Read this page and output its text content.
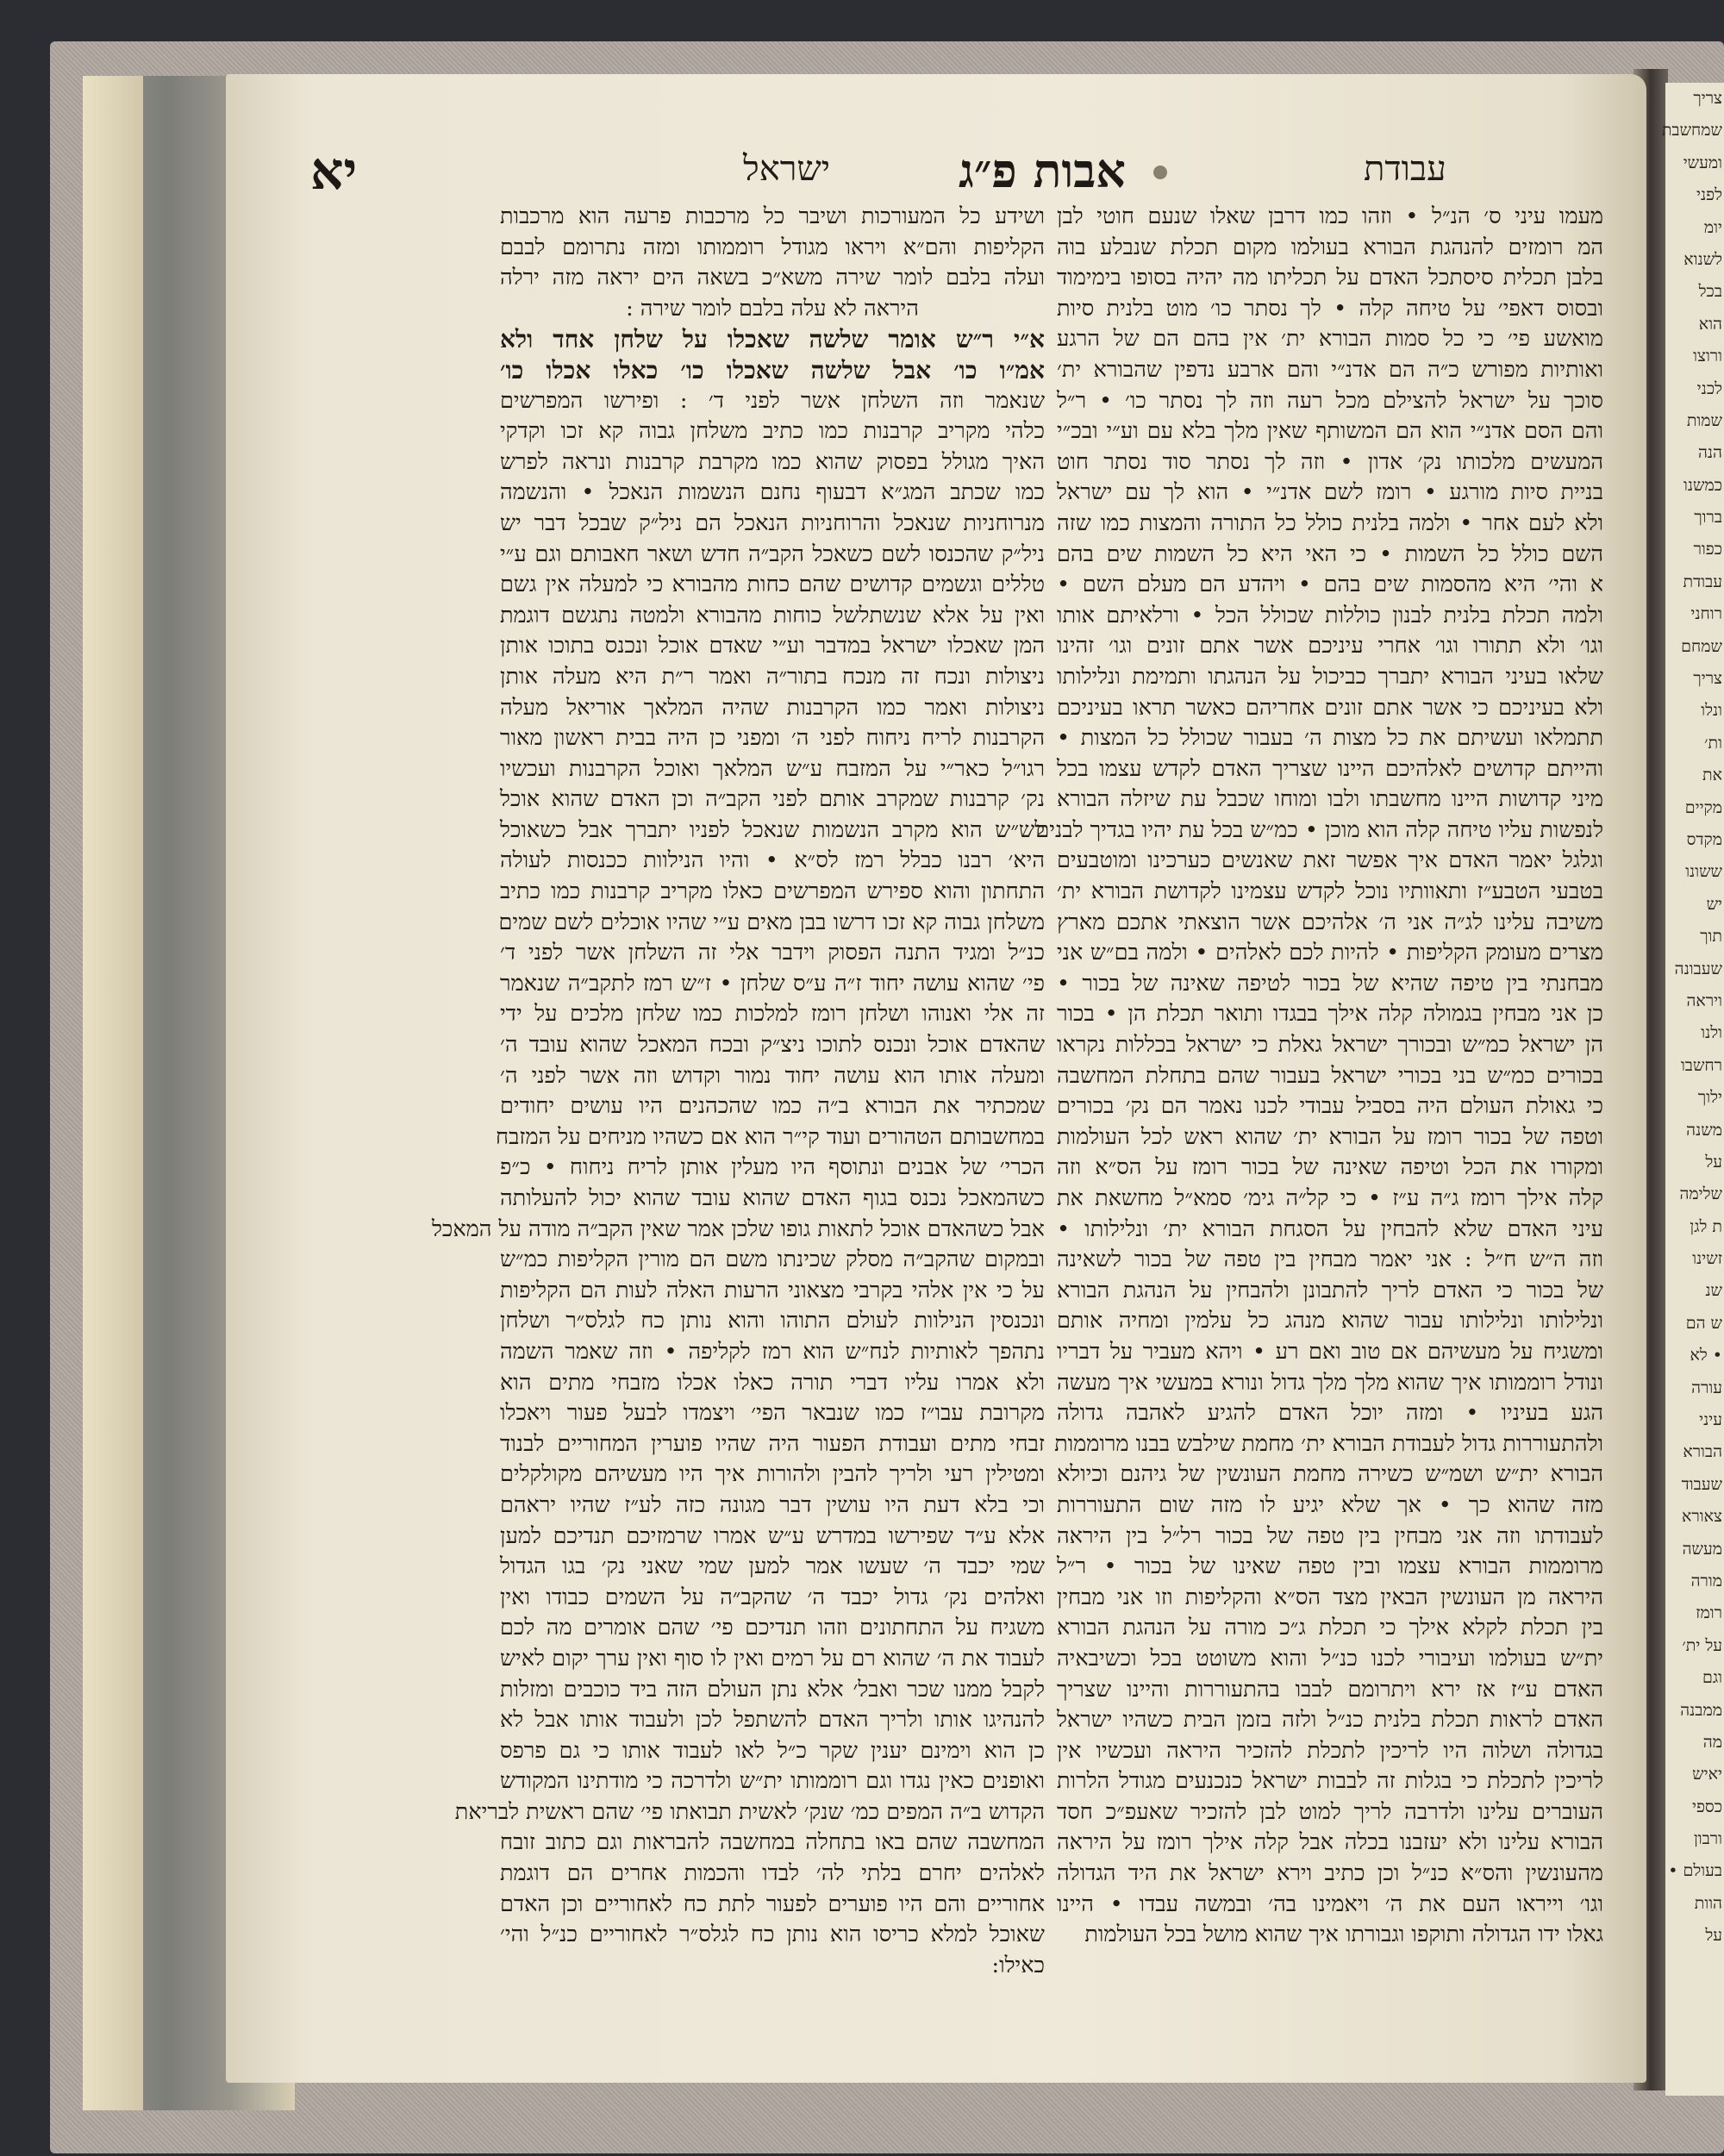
צריך
שמחשבת
ומעשי
לפני
יומ
לשנוא
בכל
הוא
ורוצו
לכני
שמות
הנה
כמשנו
ברוך
כפור
עבודת
רוחני
שמחם
צריך
ונלו
ות׳
את
מקיים
מקדס
ששונו
יש
תוך
שעבונה
ויראה
ולנו
רחשבו
ילוך
משנה
על
שלימה
ת לגן
זשינו
שנ
ש הם
• לא
עורה
עיני
הבורא
שעבוד
צאורא
מעשה
מורה
רומז
על ית׳
וגם
ממבנה
מה
יאיש
כספי
ורבון
בעולם •
הוות
על
יא	ישראל	אבות פ״ג	עבודת
מעמו עיני ס׳ הנ״ל • וזהו כמו דרבן שאלו שנעם חוטי לבן
המ רומזים להנהגת הבורא בעולמו מקום תכלת שנבלע בוה
בלבן תכלית סיסתכל האדם על תכליתו מה יהיה בסופו בימימוד
ובסוס דאפי׳ על טיחה קלה • לך נסתר כו׳ מוט בלנית סיות
מואשע פי׳ כי כל סמות הבורא ית׳ אין בהם הם של הרגע
ואותיות מפורש כ״ה הם אדנ״י והם ארבע נדפין שהבורא ית׳
סוכך על ישראל להצילם מכל רעה וזה לך נסתר כו׳ • ר״ל
והם הסם אדנ״י הוא הם המשותף שאין מלך בלא עם וע״י ובכ״י
המעשים מלכותו נק׳ אדון • וזה לך נסתר סוד נסתר חוט
בניית סיות מורגע • רומז לשם אדנ״י • הוא לך עם ישראל
ולא לעם אחר • ולמה בלנית כולל כל התורה והמצות כמו שזה
השם כולל כל השמות • כי האי היא כל השמות שים בהם
א והי׳ היא מהסמות שים בהם • ויהדע הם מעלם השם •
ולמה תכלת בלנית לבנון כוללות שכולל הכל • ורלאיתם אותו
וגו׳ ולא תתורו וגו׳ אחרי עיניכם אשר אתם זונים וגו׳ זהינו
שלאו בעיני הבורא יתברך כביכול על הנהגתו ותמימת ונלילותו
ולא בעיניכם כי אשר אתם זונים אחריהם כאשר תראו בעיניכם
תתמלאו ועשיתם את כל מצות ה׳ בעבור שכולל כל המצות •
והייתם קדושים לאלהיכם היינו שצריך האדם לקדש עצמו בכל
מיני קדושות היינו מחשבתו ולבו ומוחו שכבל עת שיזלה הבורא
לנפשות עליו טיחה קלה הוא מוכן • כמ״ש בכל עת יהיו בגדיך לבנים
וגלגל יאמר האדם איך אפשר זאת שאנשים כערכינו ומוטבעים
בטבעי הטבע״ז ותאוותיו נוכל לקדש עצמינו לקדושת הבורא ית׳
משיבה עלינו לג״ה אני ה׳ אלהיכם אשר הוצאתי אתכם מארץ
מצרים מעומק הקליפות • להיות לכם לאלהים • ולמה בם״ש אני
מבחנתי בין טיפה שהיא של בכור לטיפה שאינה של בכור •
כן אני מבחין בגמולה קלה אילך בבגדו ותואר תכלת הן • בכור
הן ישראל כמ״ש ובכורך ישראל גאלת כי ישראל בכללות נקראו
בכורים כמ״ש בני בכורי ישראל בעבור שהם בתחלת המחשבה
כי גאולת העולם היה בסביל עבודי לכנו נאמר הם נק׳ בכורים
וטפה של בכור רומז על הבורא ית׳ שהוא ראש לכל העולמות
ומקורו את הכל וטיפה שאינה של בכור רומז על הס״א וזה
קלה אילך רומז ג״ה ע״ז • כי קל״ה גימ׳ סמא״ל מחשאת את
עיני האדם שלא להבחין על הסגחת הבורא ית׳ ונלילותו •
וזה ה״ש ח״ל : אני יאמר מבחין בין טפה של בכור לשאינה
של בכור כי האדם לריך להתבונן ולהבחין על הנהגת הבורא
ונלילותו ונלילותו עבור שהוא מנהג כל עלמין ומחיה אותם
ומשגיח על מעשיהם אם טוב ואם רע • ויהא מעביר על דבריו
ונודל רוממותו איך שהוא מלך מלך גדול ונורא במעשי איך מעשה
הגע בעיניו • ומזה יוכל האדם להגיע לאהבה גדולה
ולהתעוררות גדול לעבודת הבורא ית׳ מחמת שילבש בבנו מרוממות
הבורא ית״ש ושמ״ש כשירה מחמת העונשין של גיהנם וכיולא
מזה שהוא כך • אך שלא יגיע לו מזה שום התעוררות
לעבודתו וזה אני מבחין בין טפה של בכור רל״ל בין היראה
מרוממות הבורא עצמו ובין טפה שאינו של בכור • ר״ל
היראה מן העונשין הבאין מצד הס״א והקליפות וזו אני מבחין
בין תכלת לקלא אילך כי תכלת ג״כ מורה על הנהגת הבורא
ית״ש בעולמו ועיבורי לכנו כנ״ל והוא משוטט בכל וכשיבאיה
האדם ע״ז אז ירא ויתרומם לבבו בהתעוררות והיינו שצריך
האדם לראות תכלת בלנית כנ״ל ולזה בזמן הבית כשהיו ישראל
בגדולה ושלוה היו לריכין לתכלת להזכיר היראה ועכשיו אין
לריכין לתכלת כי בגלות זה לבבות ישראל כנכנעים מגודל הלרות
העוברים עלינו ולדרבה לריך למוט לבן להזכיר שאעפ״כ חסד
הבורא עלינו ולא יעזבנו בכלה אבל קלה אילך רומז על היראה
מהעונשין והס״א כנ״ל וכן כתיב וירא ישראל את היד הגדולה
וגו׳ וייראו העם את ה׳ ויאמינו בה׳ ובמשה עבדו • היינו
גאלו ידו הגדולה ותוקפו וגבורתו איך שהוא מושל בכל העולמות
ושידע כל המעורכות ושיבר כל מרכבות פרעה הוא מרכבות
הקליפות והם״א ויראו מגודל רוממותו ומזה נתרומם לבבם
ועלה בלבם לומר שירה משא״כ בשאה הים יראה מזה ירלה
היראה לא עלה בלבם לומר שירה :
א״י ר״ש אומר שלשה שאכלו על שלחן אחד ולא
אמ״ו כו׳ אבל שלשה שאכלו כו׳ כאלו אכלו כו׳
שנאמר וזה השלחן אשר לפני ד׳ : ופירשו המפרשים
כלהי מקריב קרבנות כמו כתיב משלחן גבוה קא זכו וקדקי
האיך מגולל בפסוק שהוא כמו מקרבת קרבנות ונראה לפרש
כמו שכתב המג״א דבעוף נחנם הנשמות הנאכל • והנשמה
מנרוחניות שנאכל והרוחניות הנאכל הם ניל״ק שבכל דבר יש
ניל״ק שהכנסו לשם כשאכל הקב״ה חדש ושאר חאבותם וגם ע״י
טללים וגשמים קדושים שהם כחות מהבורא כי למעלה אין גשם
ואין על אלא שנשתלשל כוחות מהבורא ולמטה נתגשם דוגמת
המן שאכלו ישראל במדבר וע״י שאדם אוכל ונכנס בתוכו אותן
ניצולות ונכח זה מנכח בתור״ה ואמר ר״ת היא מעלה אותן
ניצולות ואמר כמו הקרבנות שהיה המלאך אוריאל מעלה
הקרבנות לריח ניחוח לפני ה׳ ומפני כן היה בבית ראשון מאור
רגו״ל כאר״י על המזבח ע״ש המלאך ואוכל הקרבנות ועכשיו
נק׳ קרבנות שמקרב אותם לפני הקב״ה וכן האדם שהוא אוכל
לש״ש הוא מקרב הנשמות שנאכל לפניו יתברך אבל כשאוכל
היא׳ רבנו כבלל רמז לס״א • והיו הנילוות ככנסות לעולה
התחתון והוא ספירש המפרשים כאלו מקריב קרבנות כמו כתיב
משלחן גבוה קא זכו דרשו בבן מאים ע״י שהיו אוכלים לשם שמים
כנ״ל ומגיד התנה הפסוק וידבר אלי זה השלחן אשר לפני ד׳
פי׳ שהוא עושה יחוד ז״ה ע״ס שלחן • ז״ש רמז לתקב״ה שנאמר
זה אלי ואנוהו ושלחן רומז למלכות כמו שלחן מלכים על ידי
שהאדם אוכל ונכנס לתוכו ניצ״ק ובכח המאכל שהוא עובד ה׳
ומעלה אותו הוא עושה יחוד נמור וקדוש וזה אשר לפני ה׳
שמכתיר את הבורא ב״ה כמו שהכהנים היו עושים יחודים
במחשבותם הטהורים ועוד קי״ר הוא אם כשהיו מניחים על המזבח
הכרי׳ של אבנים ונתוסף היו מעלין אותן לריח ניחוח • כ״פ
כשהמאכל נכנס בגוף האדם שהוא עובד שהוא יכול להעלותה
אבל כשהאדם אוכל לתאות גופו שלכן אמר שאין הקב״ה מודה על המאכל
ובמקום שהקב״ה מסלק שכינתו משם הם מורין הקליפות כמ״ש
על כי אין אלהי בקרבי מצאוני הרעות האלה לעות הם הקליפות
ונכנסין הנילוות לעולם התוהו והוא נותן כח לגלס״ר ושלחן
נתהפך לאותיות לנח״ש הוא רמז לקליפה • וזה שאמר השמה
ולא אמרו עליו דברי תורה כאלו אכלו מזבחי מתים הוא
מקרובת עבו״ז כמו שנבאר הפי׳ ויצמדו לבעל פעור ויאכלו
זבחי מתים ועבודת הפעור היה שהיו פוערין המחוריים לבנוד
ומטילין רעי ולריך להבין ולהורות איך היו מעשיהם מקולקלים
וכי בלא דעת היו עושין דבר מגונה כזה לע״ז שהיו יראהם
אלא ע״ד שפירשו במדרש ע״ש אמרו שרמזיכם תנדיכם למען
שמי יכבד ה׳ שעשו אמר למען שמי שאני נק׳ בגו הגדול
ואלהים נק׳ גדול יכבד ה׳ שהקב״ה על השמים כבודו ואין
משגיח על התחתונים וזהו תנדיכם פי׳ שהם אומרים מה לכם
לעבוד את ה׳ שהוא רם על רמים ואין לו סוף ואין ערך יקום לאיש
לקבל ממנו שכר ואבל׳ אלא נתן העולם הזה ביד כוכבים ומזלות
להנהיגו אותו ולריך האדם להשתפל לכן ולעבוד אותו אבל לא
כן הוא וימינם יענין שקר כ״ל לאו לעבוד אותו כי גם פרפס
ואופנים כאין נגדו וגם רוממותו ית״ש ולדרכה כי מודתינו המקודש
הקדוש ב״ה המפים כמ׳ שנק׳ לאשית תבואתו פי׳ שהם ראשית לבריאת
המחשבה שהם באו בתחלה במחשבה להבראות וגם כתוב זובח
לאלהים יחרם בלתי לה׳ לבדו והכמות אחרים הם דוגמת
אחוריים והם היו פוערים לפעור לתת כח לאחוריים וכן האדם
שאוכל למלא כריסו הוא נותן כח לגלס״ר לאחוריים כנ״ל והי׳
כאילו:
